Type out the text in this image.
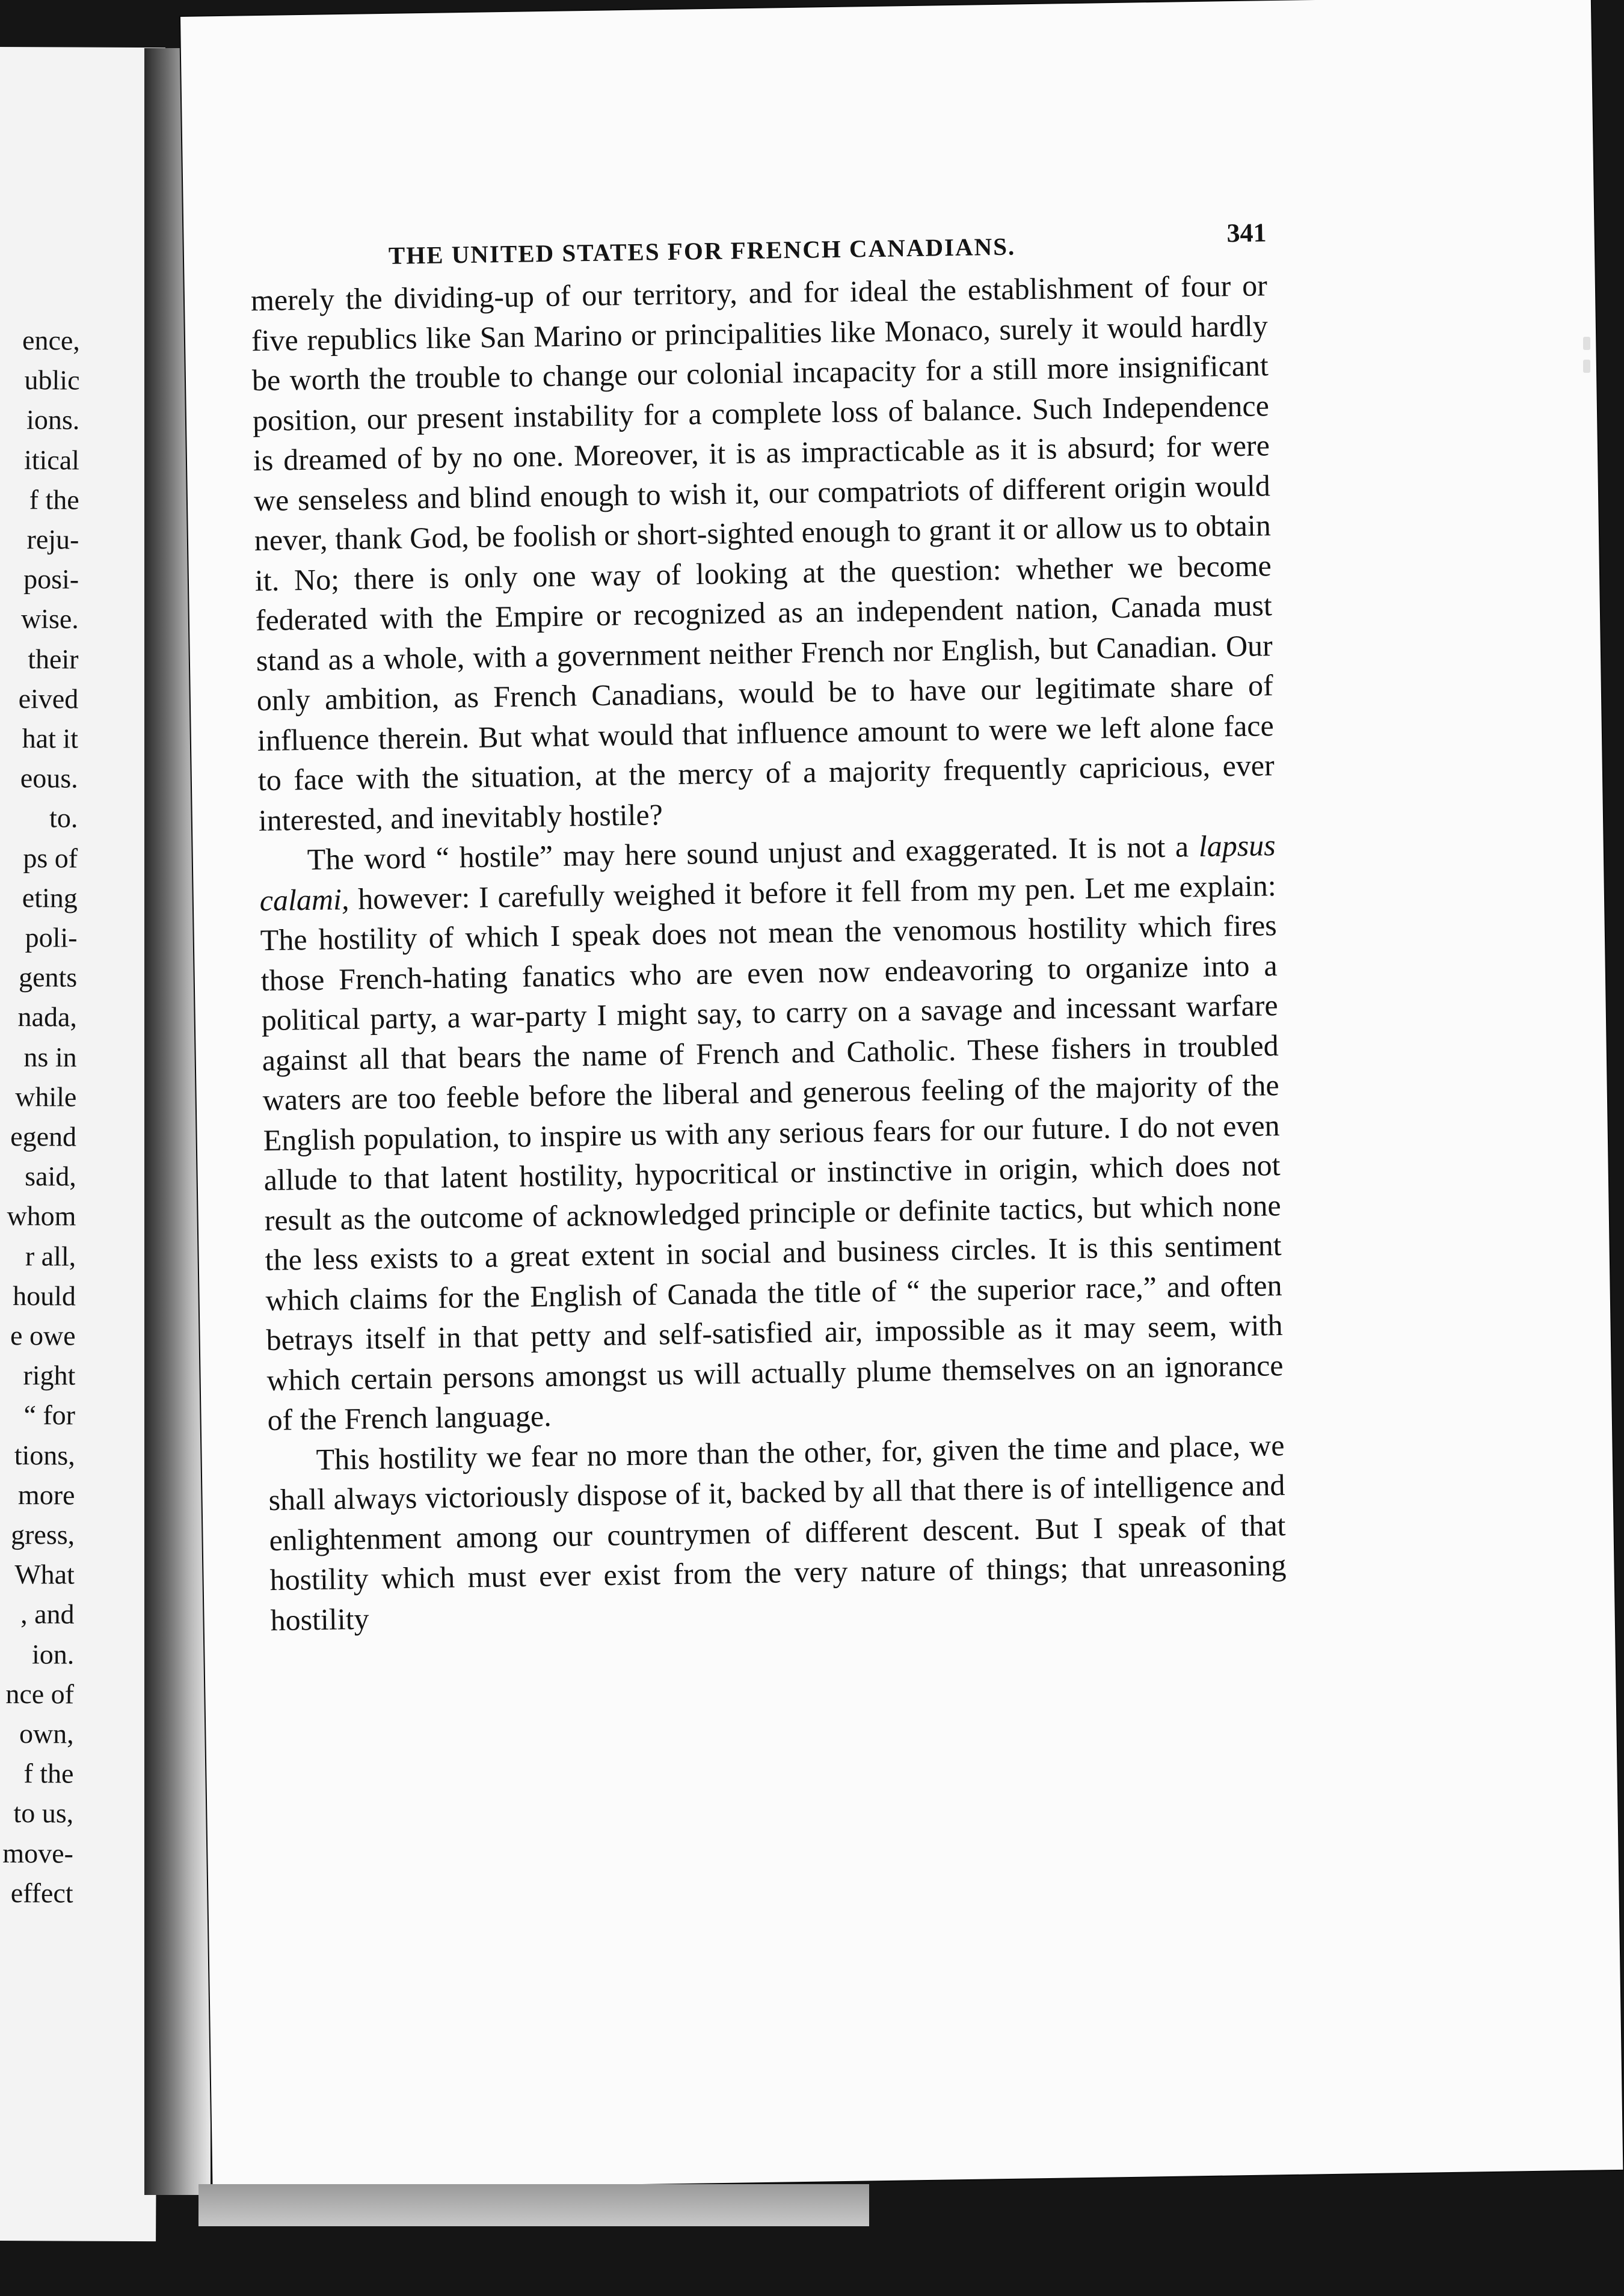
ence,
ublic
ions.
itical
f the
reju-
posi-
wise.
their
eived
hat it
eous.
to.
ps of
eting
poli-
gents
nada,
ns in
while
egend
said,
whom
r all,
hould
e owe
right
“ for
tions,
more
gress,
What
, and
ion.
nce of
own,
f the
to us,
move-
effect
THE UNITED STATES FOR FRENCH CANADIANS.	341

merely the dividing-up of our territory, and for ideal the establishment of four or five republics like San Marino or principalities like Monaco, surely it would hardly be worth the trouble to change our colonial incapacity for a still more insignificant position, our present instability for a complete loss of balance. Such Independence is dreamed of by no one. Moreover, it is as impracticable as it is absurd; for were we senseless and blind enough to wish it, our compatriots of different origin would never, thank God, be foolish or short-sighted enough to grant it or allow us to obtain it. No; there is only one way of looking at the question: whether we become federated with the Empire or recognized as an independent nation, Canada must stand as a whole, with a government neither French nor English, but Canadian. Our only ambition, as French Canadians, would be to have our legitimate share of influence therein. But what would that influence amount to were we left alone face to face with the situation, at the mercy of a majority frequently capricious, ever interested, and inevitably hostile?

The word “ hostile” may here sound unjust and exaggerated. It is not a lapsus calami, however: I carefully weighed it before it fell from my pen. Let me explain: The hostility of which I speak does not mean the venomous hostility which fires those French-hating fanatics who are even now endeavoring to organize into a political party, a war-party I might say, to carry on a savage and incessant warfare against all that bears the name of French and Catholic. These fishers in troubled waters are too feeble before the liberal and generous feeling of the majority of the English population, to inspire us with any serious fears for our future. I do not even allude to that latent hostility, hypocritical or instinctive in origin, which does not result as the outcome of acknowledged principle or definite tactics, but which none the less exists to a great extent in social and business circles. It is this sentiment which claims for the English of Canada the title of “ the superior race,” and often betrays itself in that petty and self-satisfied air, impossible as it may seem, with which certain persons amongst us will actually plume themselves on an ignorance of the French language.

This hostility we fear no more than the other, for, given the time and place, we shall always victoriously dispose of it, backed by all that there is of intelligence and enlightenment among our countrymen of different descent. But I speak of that hostility which must ever exist from the very nature of things; that unreasoning hostility
